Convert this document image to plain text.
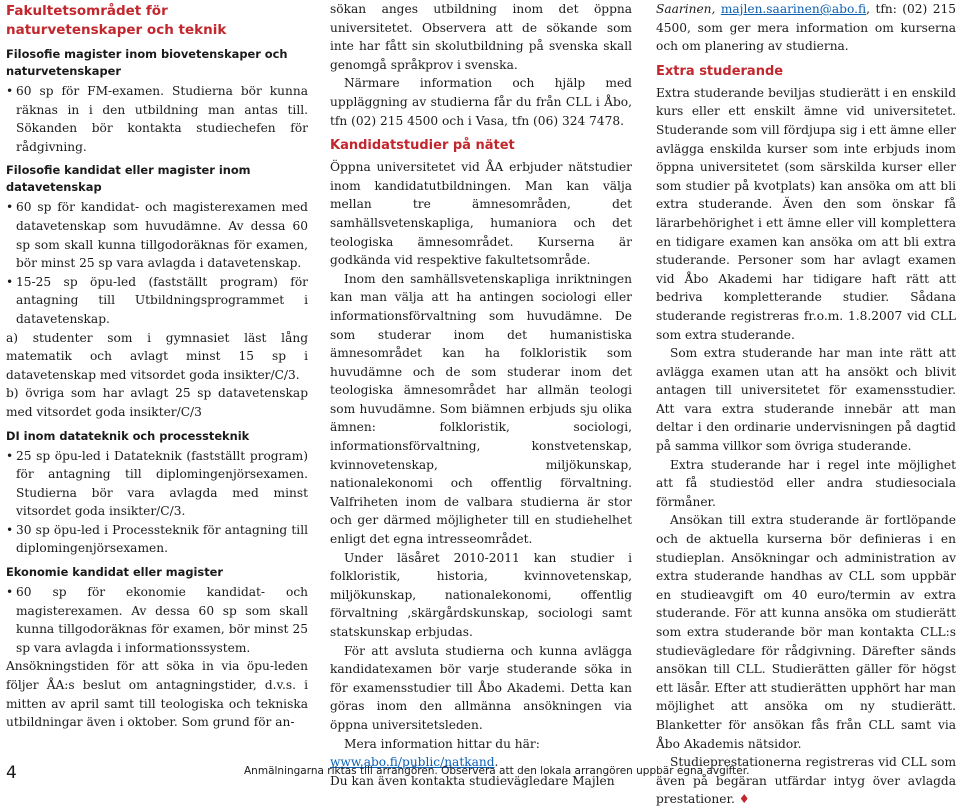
Fakultetsområdet för naturvetenskaper och teknik
Filosofie magister inom biovetenskaper och naturvetenskaper
• 60 sp för FM-examen. Studierna bör kunna räknas in i den utbildning man antas till. Sökanden bör kontakta studiechefen för rådgivning.
Filosofie kandidat eller magister inom datavetenskap
• 60 sp för kandidat- och magisterexamen med datavetenskap som huvudämne. Av dessa 60 sp som skall kunna tillgodoräknas för examen, bör minst 25 sp vara avlagda i datavetenskap.
• 15-25 sp öpu-led (fastställt program) för antagning till Utbildningsprogrammet i datavetenskap.

a) studenter som i gymnasiet läst lång matematik och avlagt minst 15 sp i datavetenskap med vitsordet goda insikter/C/3.

b) övriga som har avlagt 25 sp datavetenskap med vitsordet goda insikter/C/3

DI inom datateknik och processteknik
• 25 sp öpu-led i Datateknik (fastställt program) för antagning till diplomingenjörsexamen. Studierna bör vara avlagda med minst vitsordet goda insikter/C/3.
• 30 sp öpu-led i Processteknik för antagning till diplomingenjörsexamen.
Ekonomie kandidat eller magister
• 60 sp för ekonomie kandidat- och magisterexamen. Av dessa 60 sp som skall kunna tillgodoräknas för examen, bör minst 25 sp vara avlagda i informationssystem.

Ansökningstiden för att söka in via öpu-leden följer ÅA:s beslut om antagningstider, d.v.s. i mitten av april samt till teologiska och tekniska utbildningar även i oktober. Som grund för an-

sökan anges utbildning inom det öppna universitetet. Observera att de sökande som inte har fått sin skolutbildning på svenska skall genomgå språkprov i svenska.

Närmare information och hjälp med uppläggning av studierna får du från CLL i Åbo, tfn (02) 215 4500 och i Vasa, tfn (06) 324 7478.

Kandidatstudier på nätet

Öppna universitetet vid ÅA erbjuder nätstudier inom kandidatutbildningen. Man kan välja mellan tre ämnesområden, det samhällsvetenskapliga, humaniora och det teologiska ämnesområdet. Kurserna är godkända vid respektive fakultetsområde.

Inom den samhällsvetenskapliga inriktningen kan man välja att ha antingen sociologi eller informationsförvaltning som huvudämne. De som studerar inom det humanistiska ämnesområdet kan ha folkloristik som huvudämne och de som studerar inom det teologiska ämnesområdet har allmän teologi som huvudämne. Som biämnen erbjuds sju olika ämnen: folkloristik, sociologi, informationsförvaltning, konstvetenskap, kvinnovetenskap, miljökunskap, nationalekonomi och offentlig förvaltning. Valfriheten inom de valbara studierna är stor och ger därmed möjligheter till en studiehelhet enligt det egna intresseområdet.

Under läsåret 2010-2011 kan studier i folkloristik, historia, kvinnovetenskap, miljökunskap, nationalekonomi, offentlig förvaltning ,skärgårdskunskap, sociologi samt statskunskap erbjudas.

För att avsluta studierna och kunna avlägga kandidatexamen bör varje studerande söka in för examensstudier till Åbo Akademi. Detta kan göras inom den allmänna ansökningen via öppna universitetsleden.

Mera information hittar du här:

www.abo.fi/public/natkand.

Du kan även kontakta studievägledare Majlen

Saarinen, majlen.saarinen@abo.fi, tfn: (02) 215 4500, som ger mera information om kurserna och om planering av studierna.

Extra studerande

Extra studerande beviljas studierätt i en enskild kurs eller ett enskilt ämne vid universitetet. Studerande som vill fördjupa sig i ett ämne eller avlägga enskilda kurser som inte erbjuds inom öppna universitetet (som särskilda kurser eller som studier på kvotplats) kan ansöka om att bli extra studerande. Även den som önskar få lärarbehörighet i ett ämne eller vill komplettera en tidigare examen kan ansöka om att bli extra studerande. Personer som har avlagt examen vid Åbo Akademi har tidigare haft rätt att bedriva kompletterande studier. Sådana studerande registreras fr.o.m. 1.8.2007 vid CLL som extra studerande.

Som extra studerande har man inte rätt att avlägga examen utan att ha ansökt och blivit antagen till universitetet för examensstudier. Att vara extra studerande innebär att man deltar i den ordinarie undervisningen på dagtid på samma villkor som övriga studerande.

Extra studerande har i regel inte möjlighet att få studiestöd eller andra studiesociala förmåner.

Ansökan till extra studerande är fortlöpande och de aktuella kurserna bör definieras i en studieplan. Ansökningar och administration av extra studerande handhas av CLL som uppbär en studieavgift om 40 euro/termin av extra studerande. För att kunna ansöka om studierätt som extra studerande bör man kontakta CLL:s studievägledare för rådgivning. Därefter sänds ansökan till CLL. Studierätten gäller för högst ett läsår. Efter att studierätten upphört har man möjlighet att ansöka om ny studierätt. Blanketter för ansökan fås från CLL samt via Åbo Akademis nätsidor.

Studieprestationerna registreras vid CLL som även på begäran utfärdar intyg över avlagda prestationer. ♦

4	Anmälningarna riktas till arrangören. Observera att den lokala arrangören uppbär egna avgifter.
